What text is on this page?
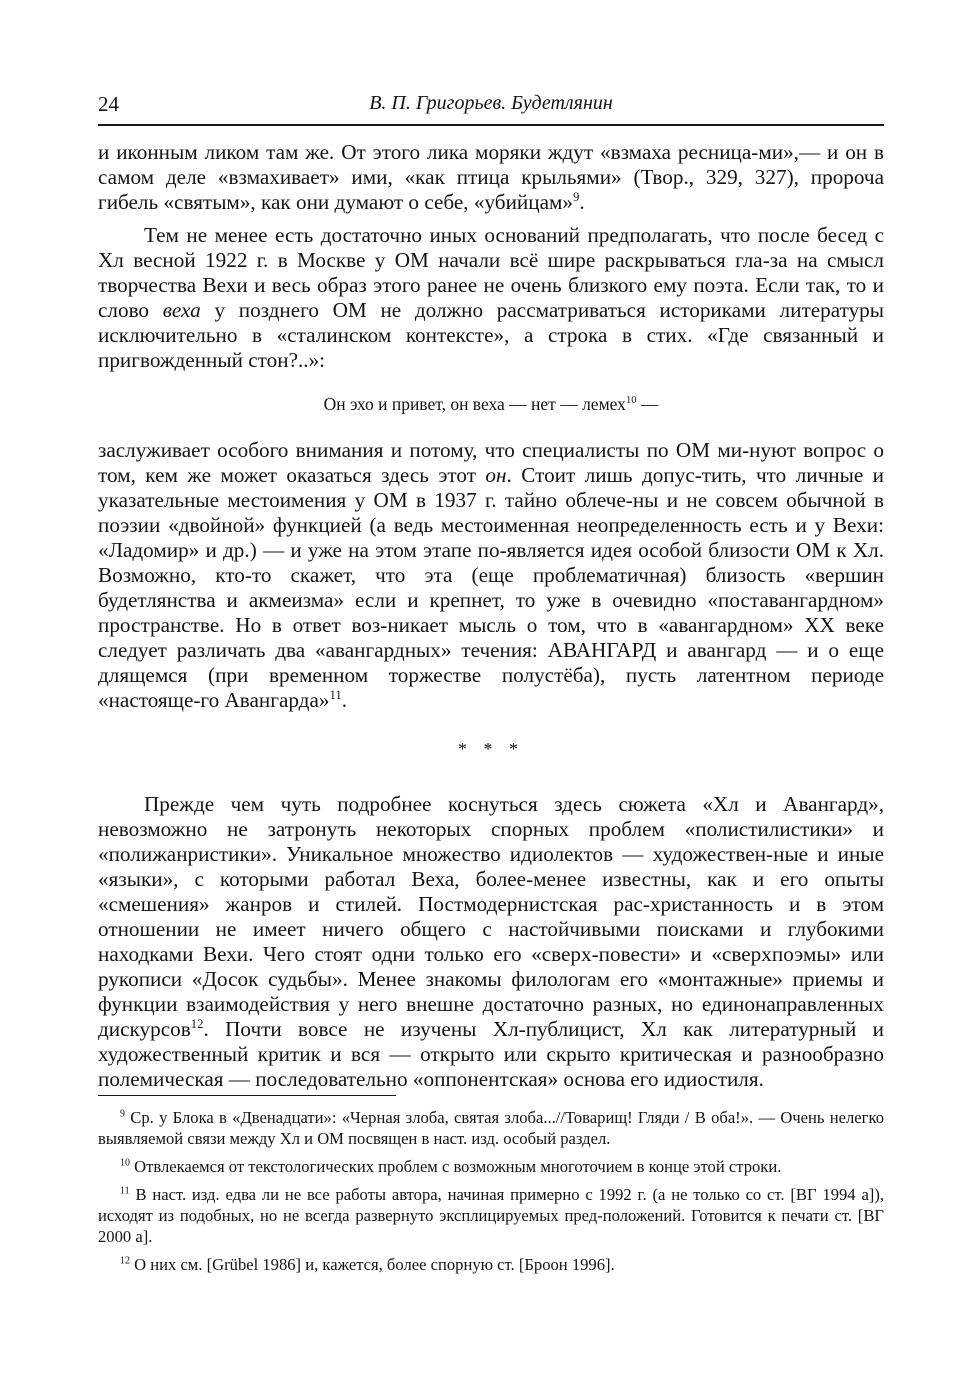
24	В. П. Григорьев. Будетлянин

и иконным ликом там же. От этого лика моряки ждут «взмаха ресница-ми»,— и он в самом деле «взмахивает» ими, «как птица крыльями» (Твор., 329, 327), пророча гибель «святым», как они думают о себе, «убийцам»$^9$.

Тем не менее есть достаточно иных оснований предполагать, что после бесед с Хл весной 1922 г. в Москве у ОМ начали всё шире раскрываться гла-за на смысл творчества Вехи и весь образ этого ранее не очень близкого ему поэта. Если так, то и слово веха у позднего ОМ не должно рассматриваться историками литературы исключительно в «сталинском контексте», а строка в стих. «Где связанный и пригвожденный стон?..»:

Он эхо и привет, он веха — нет — лемех$^{10}$ —

заслуживает особого внимания и потому, что специалисты по ОМ ми-нуют вопрос о том, кем же может оказаться здесь этот он. Стоит лишь допус-тить, что личные и указательные местоимения у ОМ в 1937 г. тайно облече-ны и не совсем обычной в поэзии «двойной» функцией (а ведь местоименная неопределенность есть и у Вехи: «Ладомир» и др.) — и уже на этом этапе по-является идея особой близости ОМ к Хл. Возможно, кто-то скажет, что эта (еще проблематичная) близость «вершин будетлянства и акмеизма» если и крепнет, то уже в очевидно «поставангардном» пространстве. Но в ответ воз-никает мысль о том, что в «авангардном» XX веке следует различать два «авангардных» течения: АВАНГАРД и авангард — и о еще длящемся (при временном торжестве полустёба), пусть латентном периоде «настояще-го Авангарда»$^{11}$.

* * *

Прежде чем чуть подробнее коснуться здесь сюжета «Хл и Авангард», невозможно не затронуть некоторых спорных проблем «полистилистики» и «полижанристики». Уникальное множество идиолектов — художествен-ные и иные «языки», с которыми работал Веха, более-менее известны, как и его опыты «смешения» жанров и стилей. Постмодернистская рас-христанность и в этом отношении не имеет ничего общего с настойчивыми поисками и глубокими находками Вехи. Чего стоят одни только его «сверх-повести» и «сверхпоэмы» или рукописи «Досок судьбы». Менее знакомы филологам его «монтажные» приемы и функции взаимодействия у него внешне достаточно разных, но единонаправленных дискурсов$^{12}$. Почти вовсе не изучены Хл-публицист, Хл как литературный и художественный критик и вся — открыто или скрыто критическая и разнообразно полемическая — последовательно «оппонентская» основа его идиостиля.

$^9$ Ср. у Блока в «Двенадцати»: «Черная злоба, святая злоба...//Товарищ! Гляди / В оба!». — Очень нелегко выявляемой связи между Хл и ОМ посвящен в наст. изд. особый раздел.

$^{10}$ Отвлекаемся от текстологических проблем с возможным многоточием в конце этой строки.

$^{11}$ В наст. изд. едва ли не все работы автора, начиная примерно с 1992 г. (а не только со ст. [ВГ 1994 а]), исходят из подобных, но не всегда развернуто эксплицируемых пред-положений. Готовится к печати ст. [ВГ 2000 а].

$^{12}$ О них см. [Grübel 1986] и, кажется, более спорную ст. [Броон 1996].
